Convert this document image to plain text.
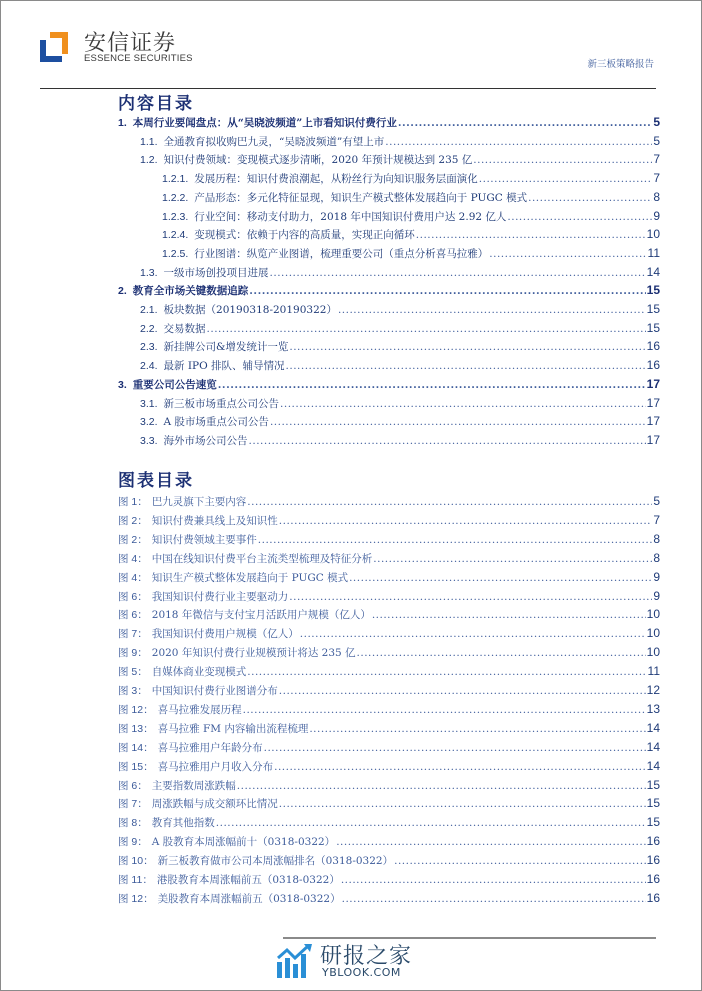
安信证券
ESSENCE SECURITIES
新三板策略报告
内容目录
1. 本周行业要闻盘点：从“吴晓波频道”上市看知识付费行业 .....	5
1.1. 全通教育拟收购巴九灵，“吴晓波频道”有望上市 .....	5
1.2. 知识付费领域：变现模式逐步清晰，2020 年预计规模达到 235 亿 .....	7
1.2.1. 发展历程：知识付费浪潮起，从粉丝行为向知识服务层面演化 .....	7
1.2.2. 产品形态：多元化特征显现，知识生产模式整体发展趋向于 PUGC 模式 .....	8
1.2.3. 行业空间：移动支付助力，2018 年中国知识付费用户达 2.92 亿人 .....	9
1.2.4. 变现模式：依赖于内容的高质量，实现正向循环 .....	10
1.2.5. 行业图谱：纵览产业图谱，梳理重要公司（重点分析喜马拉雅） .....	11
1.3. 一级市场创投项目进展 .....	14
2. 教育全市场关键数据追踪 .....	15
2.1. 板块数据（20190318-20190322） .....	15
2.2. 交易数据 .....	15
2.3. 新挂牌公司&增发统计一览 .....	16
2.4. 最新 IPO 排队、辅导情况 .....	16
3. 重要公司公告速览 .....	17
3.1. 新三板市场重点公司公告 .....	17
3.2. A 股市场重点公司公告 .....	17
3.3. 海外市场公司公告 .....	17
图表目录
图 1： 巴九灵旗下主要内容 .....	5
图 2： 知识付费兼具线上及知识性 .....	7
图 2： 知识付费领域主要事件 .....	8
图 4： 中国在线知识付费平台主流类型梳理及特征分析 .....	8
图 4： 知识生产模式整体发展趋向于 PUGC 模式 .....	9
图 6： 我国知识付费行业主要驱动力 .....	9
图 6： 2018 年微信与支付宝月活跃用户规模（亿人） .....	10
图 7： 我国知识付费用户规模（亿人） .....	10
图 9： 2020 年知识付费行业规模预计将达 235 亿 .....	10
图 5： 自媒体商业变现模式 .....	11
图 3： 中国知识付费行业图谱分布 .....	12
图 12： 喜马拉雅发展历程 .....	13
图 13： 喜马拉雅 FM 内容输出流程梳理 .....	14
图 14： 喜马拉雅用户年龄分布 .....	14
图 15： 喜马拉雅用户月收入分布 .....	14
图 6： 主要指数周涨跌幅 .....	15
图 7： 周涨跌幅与成交额环比情况 .....	15
图 8： 教育其他指数 .....	15
图 9： A 股教育本周涨幅前十（0318-0322） .....	16
图 10： 新三板教育做市公司本周涨幅排名（0318-0322） .....	16
图 11： 港股教育本周涨幅前五（0318-0322） .....	16
图 12： 美股教育本周涨幅前五（0318-0322） .....	16
研报之家
YBLOOK.COM
